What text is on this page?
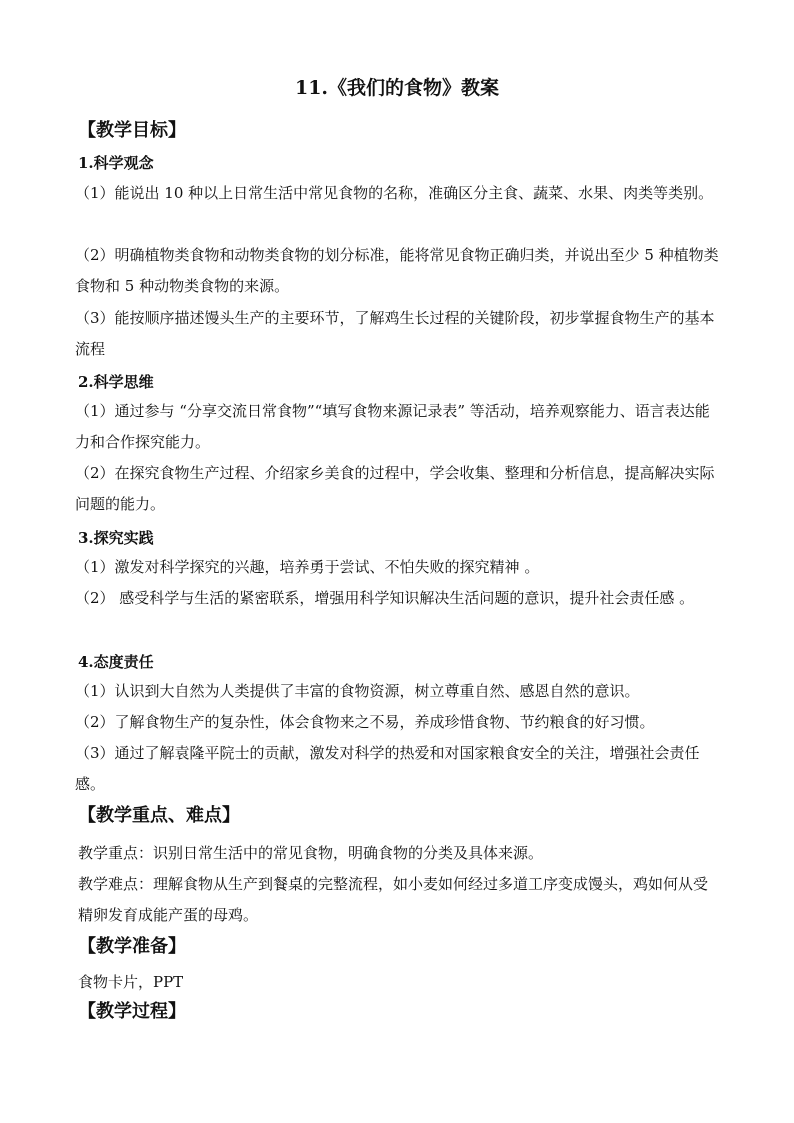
11.《我们的食物》教案
【教学目标】
1.科学观念
（1）能说出 10 种以上日常生活中常见食物的名称，准确区分主食、蔬菜、水果、肉类等类别。
（2）明确植物类食物和动物类食物的划分标准，能将常见食物正确归类，并说出至少 5 种植物类食物和 5 种动物类食物的来源。
（3）能按顺序描述馒头生产的主要环节，了解鸡生长过程的关键阶段，初步掌握食物生产的基本流程
2.科学思维
（1）通过参与 “分享交流日常食物”“填写食物来源记录表” 等活动，培养观察能力、语言表达能力和合作探究能力。
（2）在探究食物生产过程、介绍家乡美食的过程中，学会收集、整理和分析信息，提高解决实际问题的能力。
3.探究实践
（1）激发对科学探究的兴趣，培养勇于尝试、不怕失败的探究精神 。
（2） 感受科学与生活的紧密联系，增强用科学知识解决生活问题的意识，提升社会责任感 。
4.态度责任
（1）认识到大自然为人类提供了丰富的食物资源，树立尊重自然、感恩自然的意识。
（2）了解食物生产的复杂性，体会食物来之不易，养成珍惜食物、节约粮食的好习惯。
（3）通过了解袁隆平院士的贡献，激发对科学的热爱和对国家粮食安全的关注，增强社会责任感。
【教学重点、难点】
教学重点：识别日常生活中的常见食物，明确食物的分类及具体来源。
教学难点：理解食物从生产到餐桌的完整流程，如小麦如何经过多道工序变成馒头，鸡如何从受精卵发育成能产蛋的母鸡。
【教学准备】
食物卡片，PPT
【教学过程】
